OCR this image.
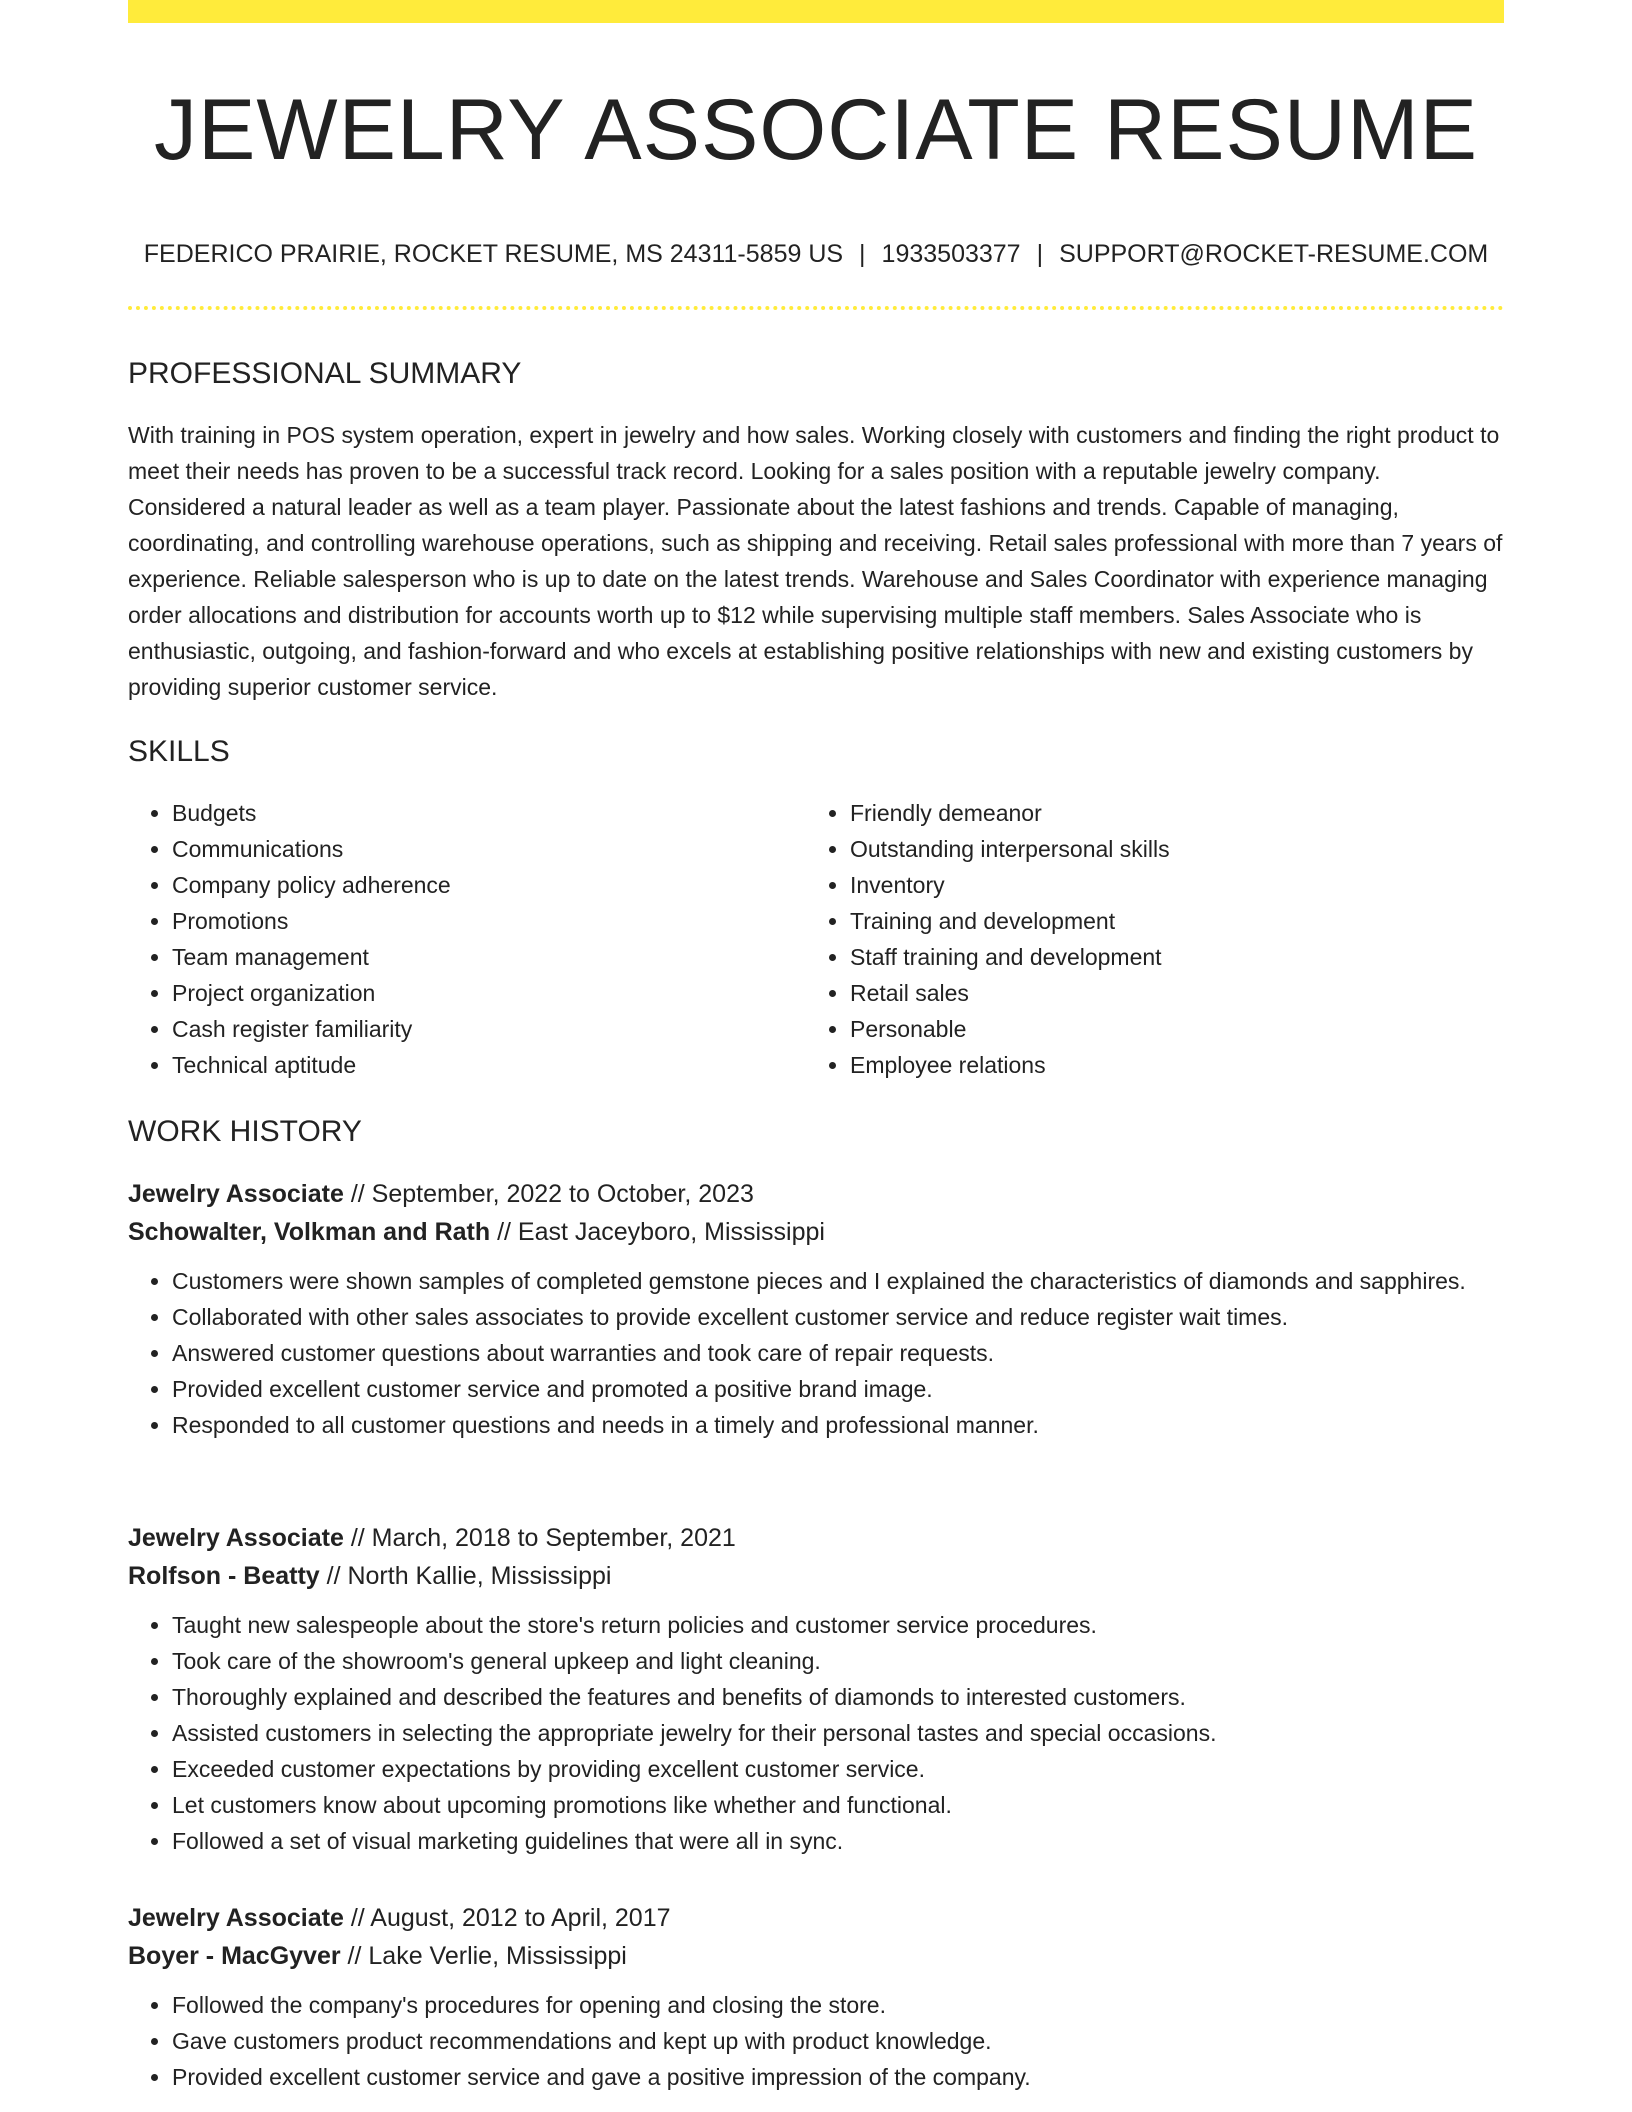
JEWELRY ASSOCIATE RESUME
FEDERICO PRAIRIE, ROCKET RESUME, MS 24311-5859 US | 1933503377 | SUPPORT@ROCKET-RESUME.COM
PROFESSIONAL SUMMARY

With training in POS system operation, expert in jewelry and how sales. Working closely with customers and finding the right product to meet their needs has proven to be a successful track record. Looking for a sales position with a reputable jewelry company. Considered a natural leader as well as a team player. Passionate about the latest fashions and trends. Capable of managing, coordinating, and controlling warehouse operations, such as shipping and receiving. Retail sales professional with more than 7 years of experience. Reliable salesperson who is up to date on the latest trends. Warehouse and Sales Coordinator with experience managing order allocations and distribution for accounts worth up to $12 while supervising multiple staff members. Sales Associate who is enthusiastic, outgoing, and fashion-forward and who excels at establishing positive relationships with new and existing customers by providing superior customer service.

SKILLS
• Budgets
• Communications
• Company policy adherence
• Promotions
• Team management
• Project organization
• Cash register familiarity
• Technical aptitude
• Friendly demeanor
• Outstanding interpersonal skills
• Inventory
• Training and development
• Staff training and development
• Retail sales
• Personable
• Employee relations
WORK HISTORY
Jewelry Associate // September, 2022 to October, 2023
Schowalter, Volkman and Rath // East Jaceyboro, Mississippi
• Customers were shown samples of completed gemstone pieces and I explained the characteristics of diamonds and sapphires.
• Collaborated with other sales associates to provide excellent customer service and reduce register wait times.
• Answered customer questions about warranties and took care of repair requests.
• Provided excellent customer service and promoted a positive brand image.
• Responded to all customer questions and needs in a timely and professional manner.
Jewelry Associate // March, 2018 to September, 2021
Rolfson - Beatty // North Kallie, Mississippi
• Taught new salespeople about the store's return policies and customer service procedures.
• Took care of the showroom's general upkeep and light cleaning.
• Thoroughly explained and described the features and benefits of diamonds to interested customers.
• Assisted customers in selecting the appropriate jewelry for their personal tastes and special occasions.
• Exceeded customer expectations by providing excellent customer service.
• Let customers know about upcoming promotions like whether and functional.
• Followed a set of visual marketing guidelines that were all in sync.
Jewelry Associate // August, 2012 to April, 2017
Boyer - MacGyver // Lake Verlie, Mississippi
• Followed the company's procedures for opening and closing the store.
• Gave customers product recommendations and kept up with product knowledge.
• Provided excellent customer service and gave a positive impression of the company.
